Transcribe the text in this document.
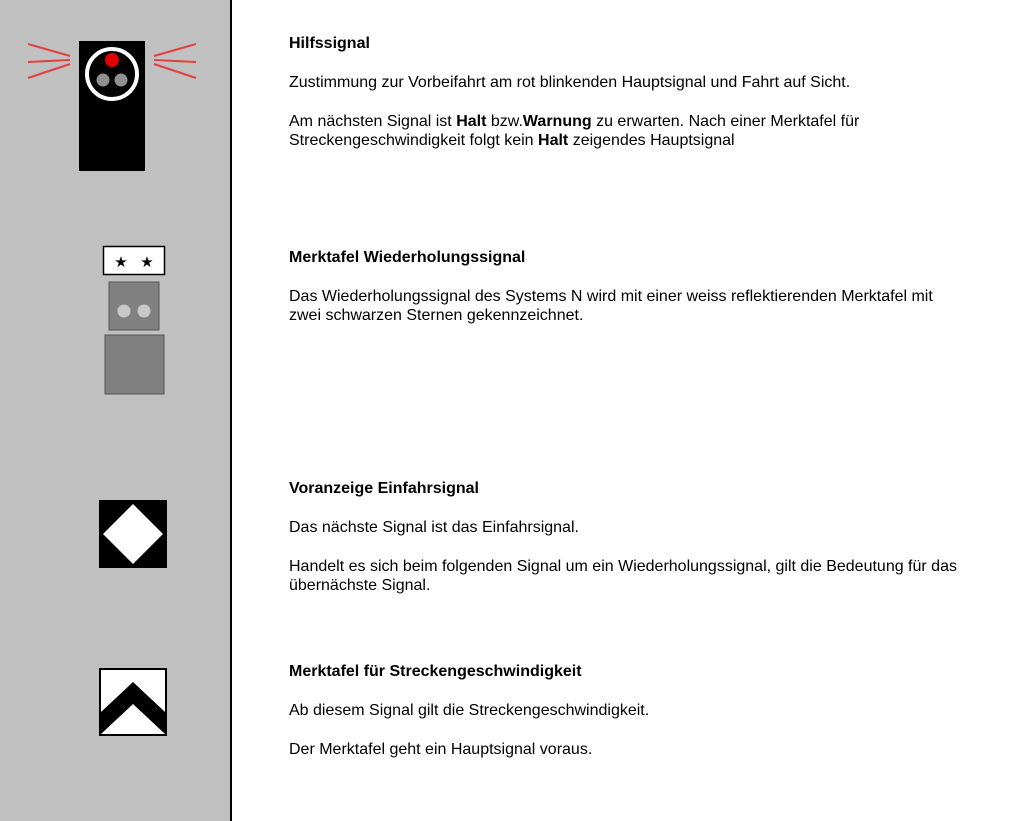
★ ★
Hilfssignal

Zustimmung zur Vorbeifahrt am rot blinkenden Hauptsignal und Fahrt auf Sicht.

Am nächsten Signal ist Halt bzw.Warnung zu erwarten. Nach einer Merktafel für Streckengeschwindigkeit folgt kein Halt zeigendes Hauptsignal

Merktafel Wiederholungssignal

Das Wiederholungssignal des Systems N wird mit einer weiss reflektierenden Merktafel mit zwei schwarzen Sternen gekennzeichnet.

Voranzeige Einfahrsignal

Das nächste Signal ist das Einfahrsignal.

Handelt es sich beim folgenden Signal um ein Wiederholungssignal, gilt die Bedeutung für das übernächste Signal.

Merktafel für Streckengeschwindigkeit

Ab diesem Signal gilt die Streckengeschwindigkeit.

Der Merktafel geht ein Hauptsignal voraus.
